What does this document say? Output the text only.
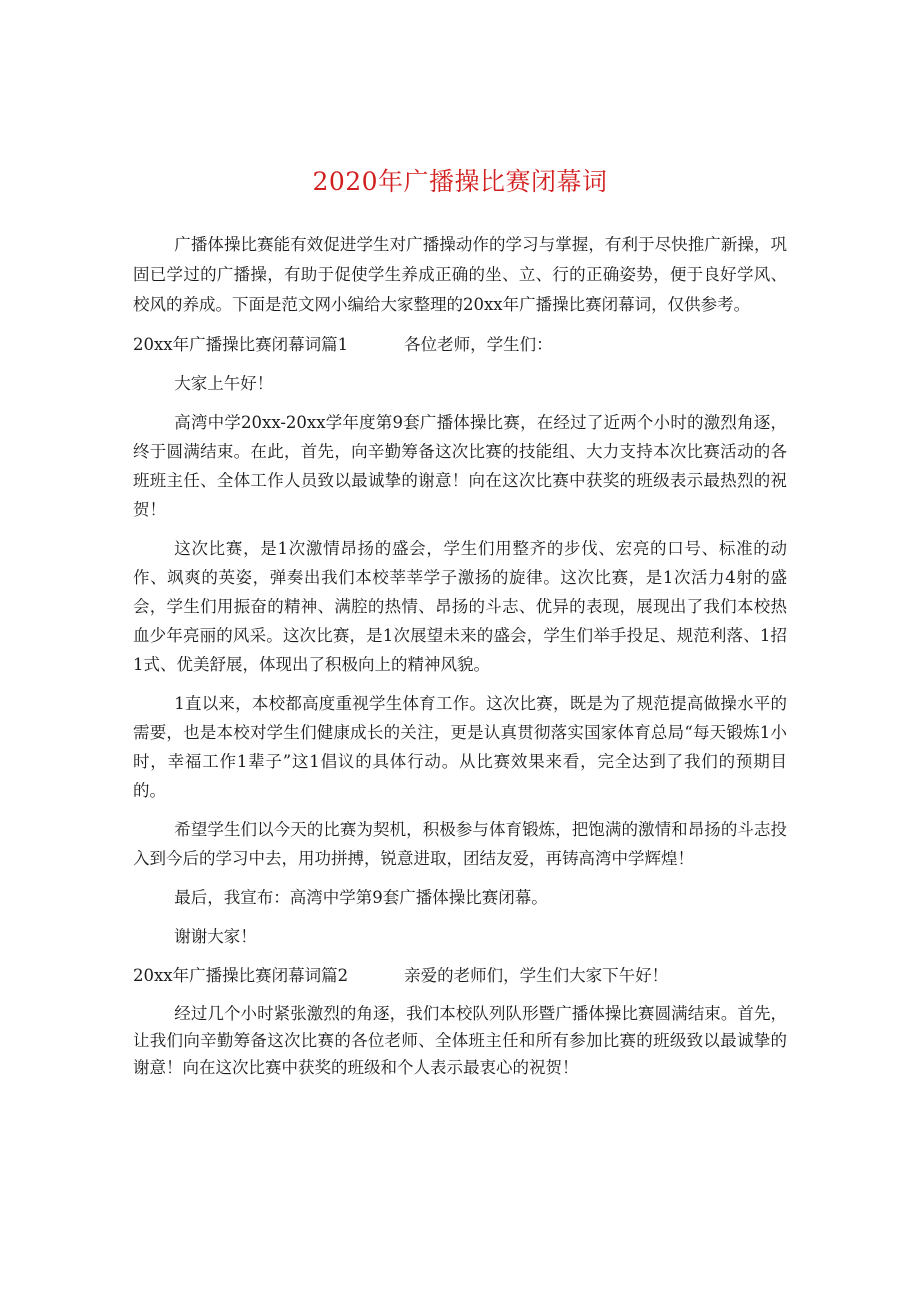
2020年广播操比赛闭幕词

广播体操比赛能有效促进学生对广播操动作的学习与掌握，有利于尽快推广新操，巩固已学过的广播操，有助于促使学生养成正确的坐、立、行的正确姿势，便于良好学风、校风的养成。下面是范文网小编给大家整理的20xx年广播操比赛闭幕词，仅供参考。

20xx年广播操比赛闭幕词篇1	各位老师，学生们：
大家上午好！

高湾中学20xx-20xx学年度第9套广播体操比赛，在经过了近两个小时的激烈角逐，终于圆满结束。在此，首先，向辛勤筹备这次比赛的技能组、大力支持本次比赛活动的各班班主任、全体工作人员致以最诚挚的谢意！向在这次比赛中获奖的班级表示最热烈的祝贺！

这次比赛，是1次激情昂扬的盛会，学生们用整齐的步伐、宏亮的口号、标准的动作、飒爽的英姿，弹奏出我们本校莘莘学子激扬的旋律。这次比赛，是1次活力4射的盛会，学生们用振奋的精神、满腔的热情、昂扬的斗志、优异的表现，展现出了我们本校热血少年亮丽的风采。这次比赛，是1次展望未来的盛会，学生们举手投足、规范利落、1招1式、优美舒展，体现出了积极向上的精神风貌。

1直以来，本校都高度重视学生体育工作。这次比赛，既是为了规范提高做操水平的需要，也是本校对学生们健康成长的关注，更是认真贯彻落实国家体育总局“每天锻炼1小时，幸福工作1辈子”这1倡议的具体行动。从比赛效果来看，完全达到了我们的预期目的。

希望学生们以今天的比赛为契机，积极参与体育锻炼，把饱满的激情和昂扬的斗志投入到今后的学习中去，用功拼搏，锐意进取，团结友爱，再铸高湾中学辉煌！

最后，我宣布：高湾中学第9套广播体操比赛闭幕。
谢谢大家！
20xx年广播操比赛闭幕词篇2	亲爱的老师们，学生们大家下午好！

经过几个小时紧张激烈的角逐，我们本校队列队形暨广播体操比赛圆满结束。首先，让我们向辛勤筹备这次比赛的各位老师、全体班主任和所有参加比赛的班级致以最诚挚的谢意！向在这次比赛中获奖的班级和个人表示最衷心的祝贺！
